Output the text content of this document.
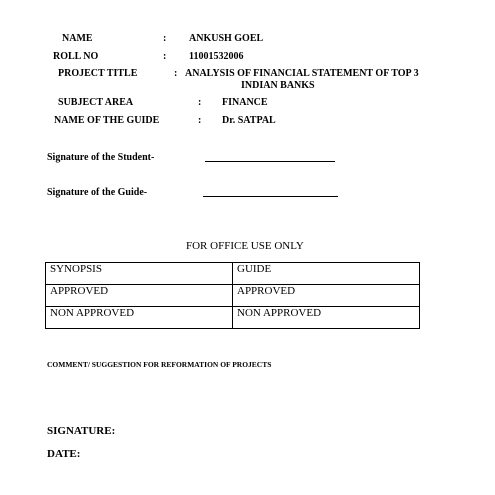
NAME	: ANKUSH GOEL
ROLL NO	: 11001532006
PROJECT TITLE	: ANALYSIS OF FINANCIAL STATEMENT OF TOP 3
INDIAN BANKS
SUBJECT AREA	: FINANCE
NAME OF THE GUIDE	: Dr. SATPAL
Signature of the Student-
Signature of the Guide-
FOR OFFICE USE ONLY
SYNOPSIS	GUIDE
APPROVED	APPROVED
NON APPROVED	NON APPROVED
COMMENT/ SUGGESTION FOR REFORMATION OF PROJECTS
SIGNATURE:
DATE:
